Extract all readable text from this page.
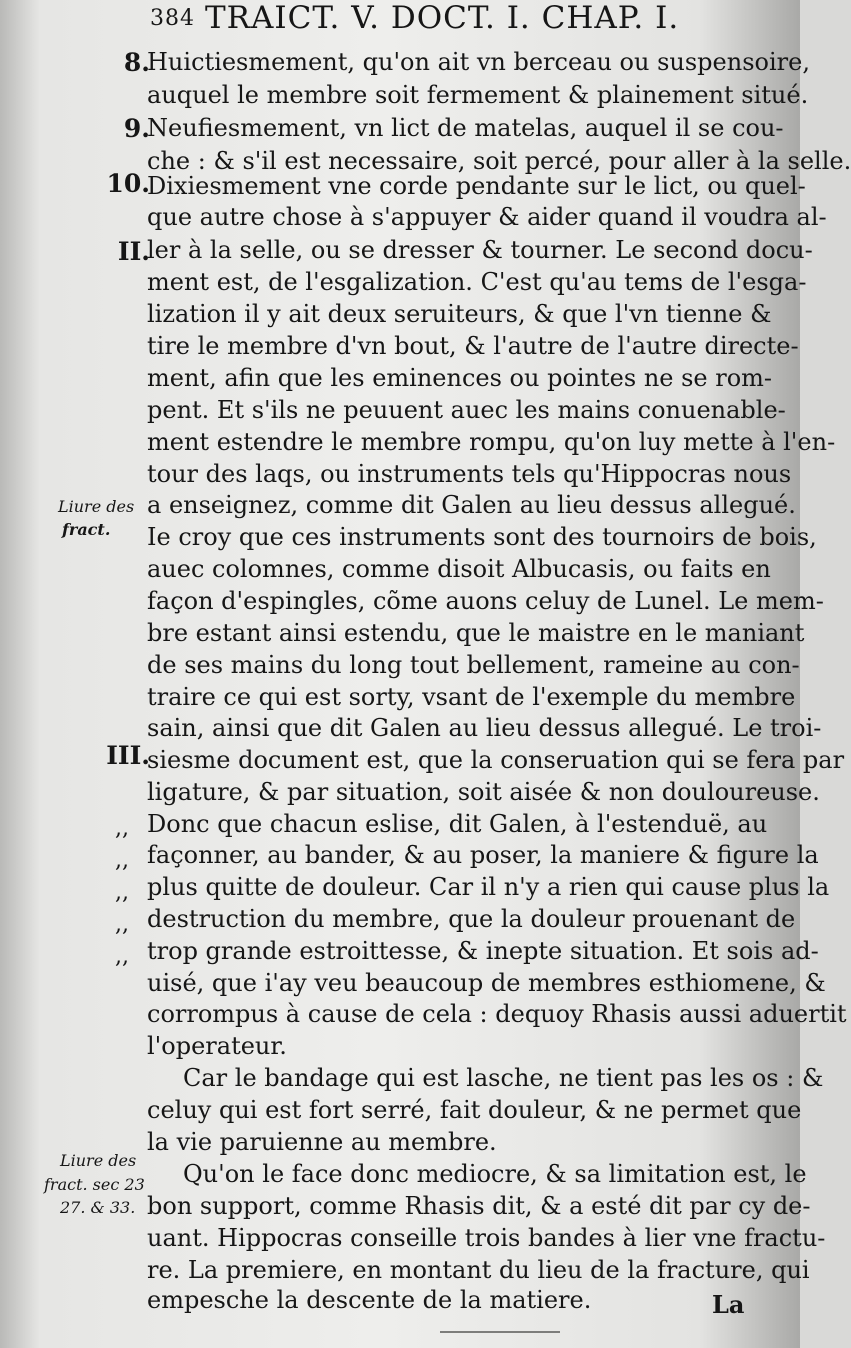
384 TRAICT. V. DOCT. I. CHAP. I.
8.
9.
10.
II.
III.
Huictiesmement, qu'on ait vn berceau ou suspensoire,
auquel le membre soit fermement & plainement situé.
Neufiesmement, vn lict de matelas, auquel il se cou-
che : & s'il est necessaire, soit percé, pour aller à la selle.
Dixiesmement vne corde pendante sur le lict, ou quel-
que autre chose à s'appuyer & aider quand il voudra al-
ler à la selle, ou se dresser & tourner. Le second docu-
ment est, de l'esgalization. C'est qu'au tems de l'esga-
lization il y ait deux seruiteurs, & que l'vn tienne &
tire le membre d'vn bout, & l'autre de l'autre directe-
ment, afin que les eminences ou pointes ne se rom-
pent. Et s'ils ne peuuent auec les mains conuenable-
ment estendre le membre rompu, qu'on luy mette à l'en-
tour des laqs, ou instruments tels qu'Hippocras nous
a enseignez, comme dit Galen au lieu dessus allegué.
Ie croy que ces instruments sont des tournoirs de bois,
auec colomnes, comme disoit Albucasis, ou faits en
façon d'espingles, cõme auons celuy de Lunel. Le mem-
bre estant ainsi estendu, que le maistre en le maniant
de ses mains du long tout bellement, rameine au con-
traire ce qui est sorty, vsant de l'exemple du membre
sain, ainsi que dit Galen au lieu dessus allegué. Le troi-
siesme document est, que la conseruation qui se fera par
ligature, & par situation, soit aisée & non douloureuse.
Donc que chacun eslise, dit Galen, à l'estenduë, au
façonner, au bander, & au poser, la maniere & figure la
plus quitte de douleur. Car il n'y a rien qui cause plus la
destruction du membre, que la douleur prouenant de
trop grande estroittesse, & inepte situation. Et sois ad-
uisé, que i'ay veu beaucoup de membres esthiomene, &
corrompus à cause de cela : dequoy Rhasis aussi aduertit
l'operateur.
Car le bandage qui est lasche, ne tient pas les os : &
celuy qui est fort serré, fait douleur, & ne permet que
la vie paruienne au membre.
Qu'on le face donc mediocre, & sa limitation est, le
bon support, comme Rhasis dit, & a esté dit par cy de-
uant. Hippocras conseille trois bandes à lier vne fractu-
re. La premiere, en montant du lieu de la fracture, qui
empesche la descente de la matiere.
,,
,,
,,
,,
,,
Liure des
fract.
Liure des
fract. sec 23
27. & 33.
La
